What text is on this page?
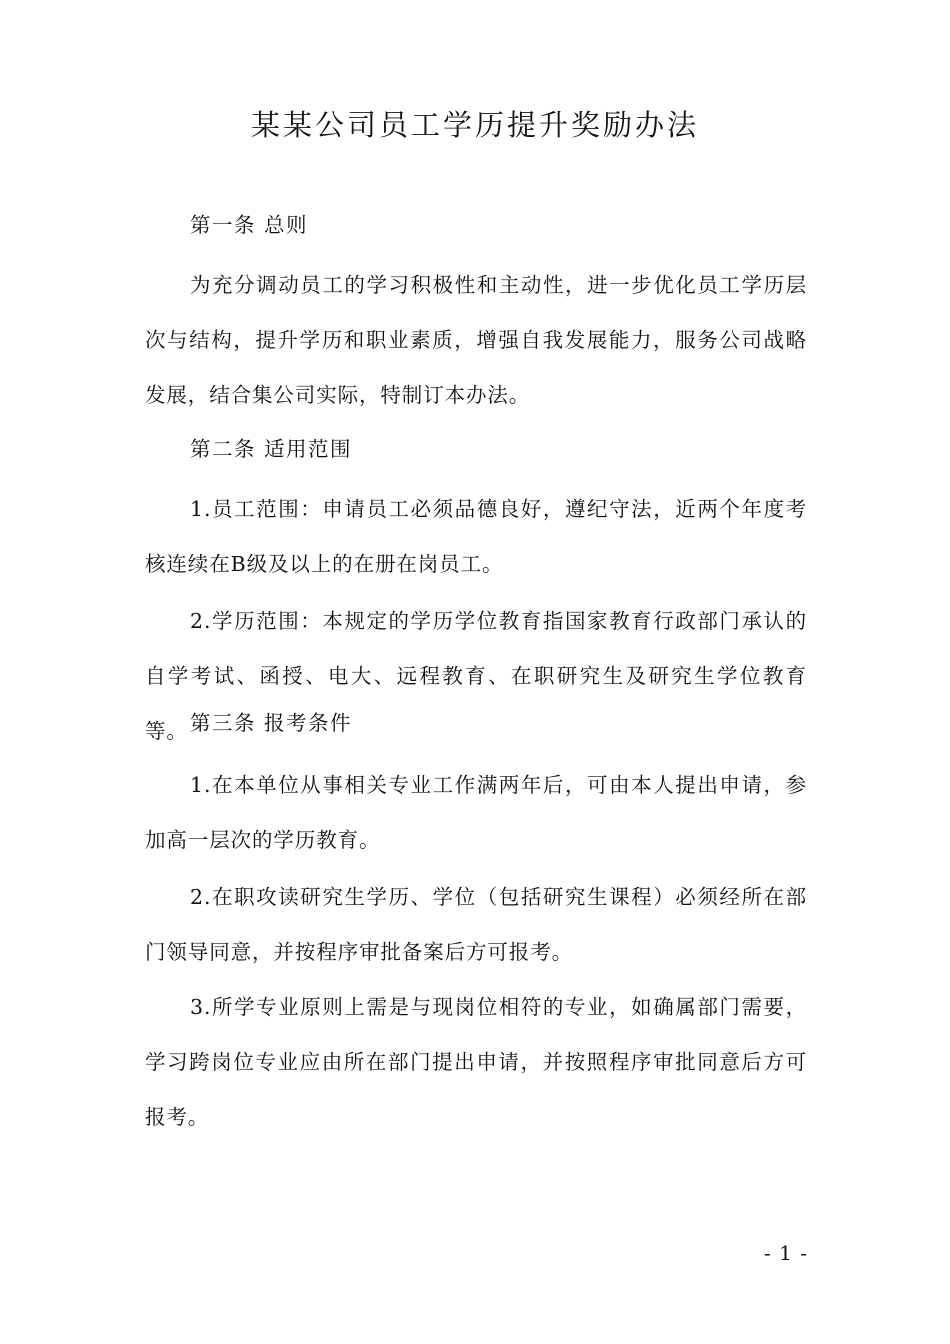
某某公司员工学历提升奖励办法
第一条 总则

为充分调动员工的学习积极性和主动性，进一步优化员工学历层次与结构，提升学历和职业素质，增强自我发展能力，服务公司战略发展，结合集公司实际，特制订本办法。

第二条 适用范围

1.员工范围：申请员工必须品德良好，遵纪守法，近两个年度考核连续在B级及以上的在册在岗员工。

2.学历范围：本规定的学历学位教育指国家教育行政部门承认的自学考试、函授、电大、远程教育、在职研究生及研究生学位教育等。 第三条 报考条件

1.在本单位从事相关专业工作满两年后，可由本人提出申请，参加高一层次的学历教育。

2.在职攻读研究生学历、学位（包括研究生课程）必须经所在部门领导同意，并按程序审批备案后方可报考。

3.所学专业原则上需是与现岗位相符的专业，如确属部门需要，学习跨岗位专业应由所在部门提出申请，并按照程序审批同意后方可报考。

- 1 -
